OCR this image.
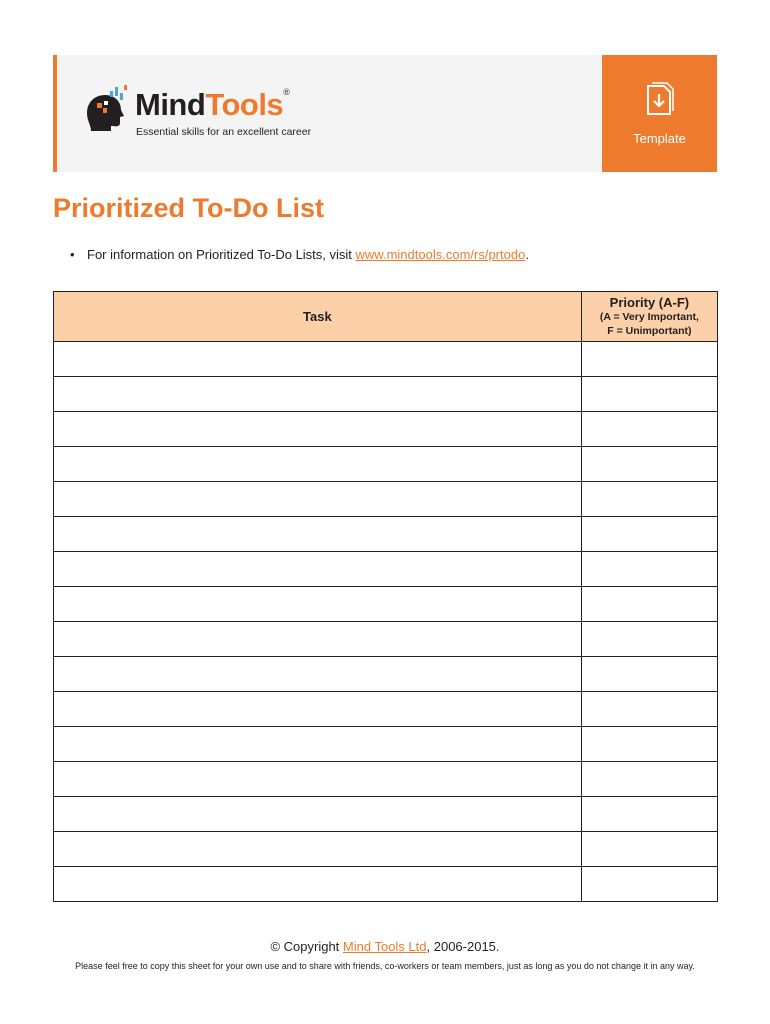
MindTools®
Essential skills for an excellent career	Template
Prioritized To-Do List
• For information on Prioritized To-Do Lists, visit www.mindtools.com/rs/prtodo.
Task	Priority (A-F)
(A = Very Important,
F = Unimportant)

© Copyright Mind Tools Ltd, 2006-2015.
Please feel free to copy this sheet for your own use and to share with friends, co-workers or team members, just as long as you do not change it in any way.
